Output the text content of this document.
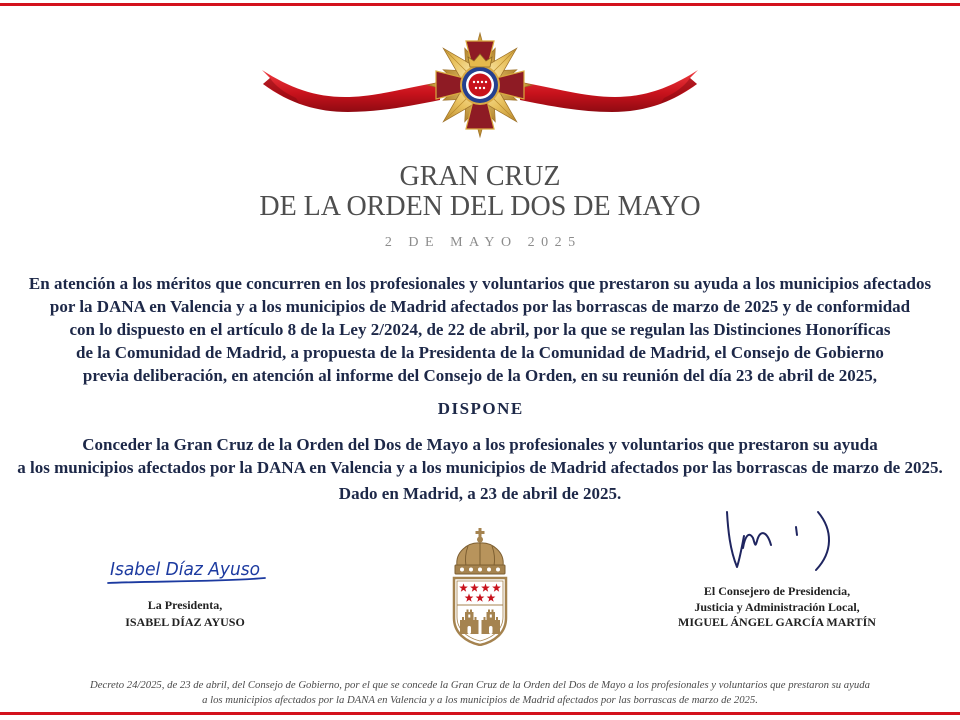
GRAN CRUZ
DE LA ORDEN DEL DOS DE MAYO
2 DE MAYO 2025
En atención a los méritos que concurren en los profesionales y voluntarios que prestaron su ayuda a los municipios afectados
por la DANA en Valencia y a los municipios de Madrid afectados por las borrascas de marzo de 2025 y de conformidad
con lo dispuesto en el artículo 8 de la Ley 2/2024, de 22 de abril, por la que se regulan las Distinciones Honoríficas
de la Comunidad de Madrid, a propuesta de la Presidenta de la Comunidad de Madrid, el Consejo de Gobierno
previa deliberación, en atención al informe del Consejo de la Orden, en su reunión del día 23 de abril de 2025,
DISPONE
Conceder la Gran Cruz de la Orden del Dos de Mayo a los profesionales y voluntarios que prestaron su ayuda
a los municipios afectados por la DANA en Valencia y a los municipios de Madrid afectados por las borrascas de marzo de 2025.
Dado en Madrid, a 23 de abril de 2025.
Isabel Díaz Ayuso
La Presidenta,
ISABEL DÍAZ AYUSO
El Consejero de Presidencia,
Justicia y Administración Local,
MIGUEL ÁNGEL GARCÍA MARTÍN
Decreto 24/2025, de 23 de abril, del Consejo de Gobierno, por el que se concede la Gran Cruz de la Orden del Dos de Mayo a los profesionales y voluntarios que prestaron su ayuda
a los municipios afectados por la DANA en Valencia y a los municipios de Madrid afectados por las borrascas de marzo de 2025.
